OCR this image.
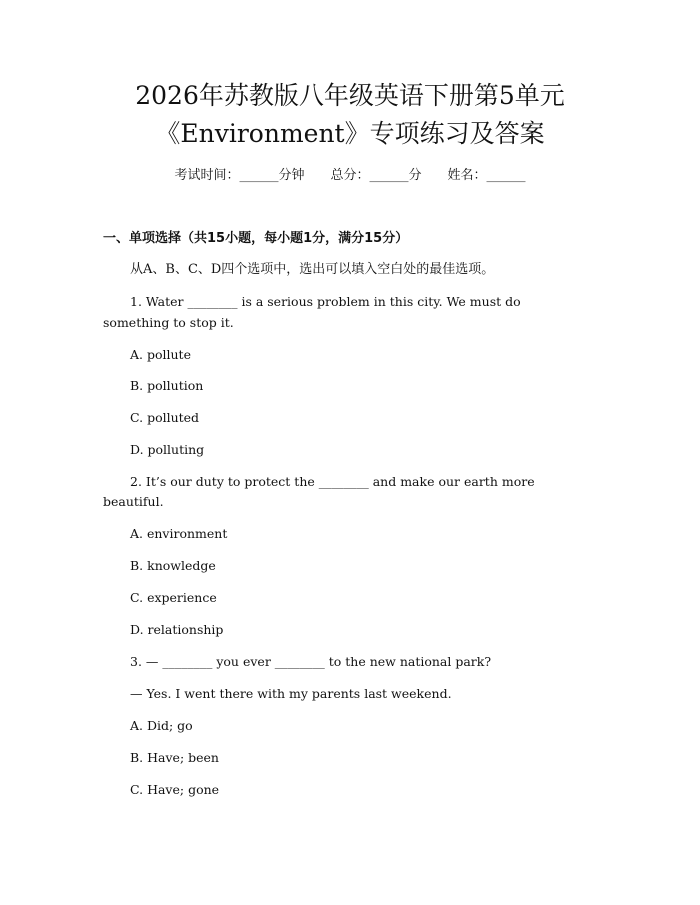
2026年苏教版八年级英语下册第5单元
《Environment》专项练习及答案
考试时间：______分钟 总分：______分 姓名：______
一、单项选择（共15小题，每小题1分，满分15分）
从A、B、C、D四个选项中，选出可以填入空白处的最佳选项。
1. Water ________ is a serious problem in this city. We must do
something to stop it.
A. pollute
B. pollution
C. polluted
D. polluting
2. It’s our duty to protect the ________ and make our earth more
beautiful.
A. environment
B. knowledge
C. experience
D. relationship
3. — ________ you ever ________ to the new national park?
— Yes. I went there with my parents last weekend.
A. Did; go
B. Have; been
C. Have; gone
